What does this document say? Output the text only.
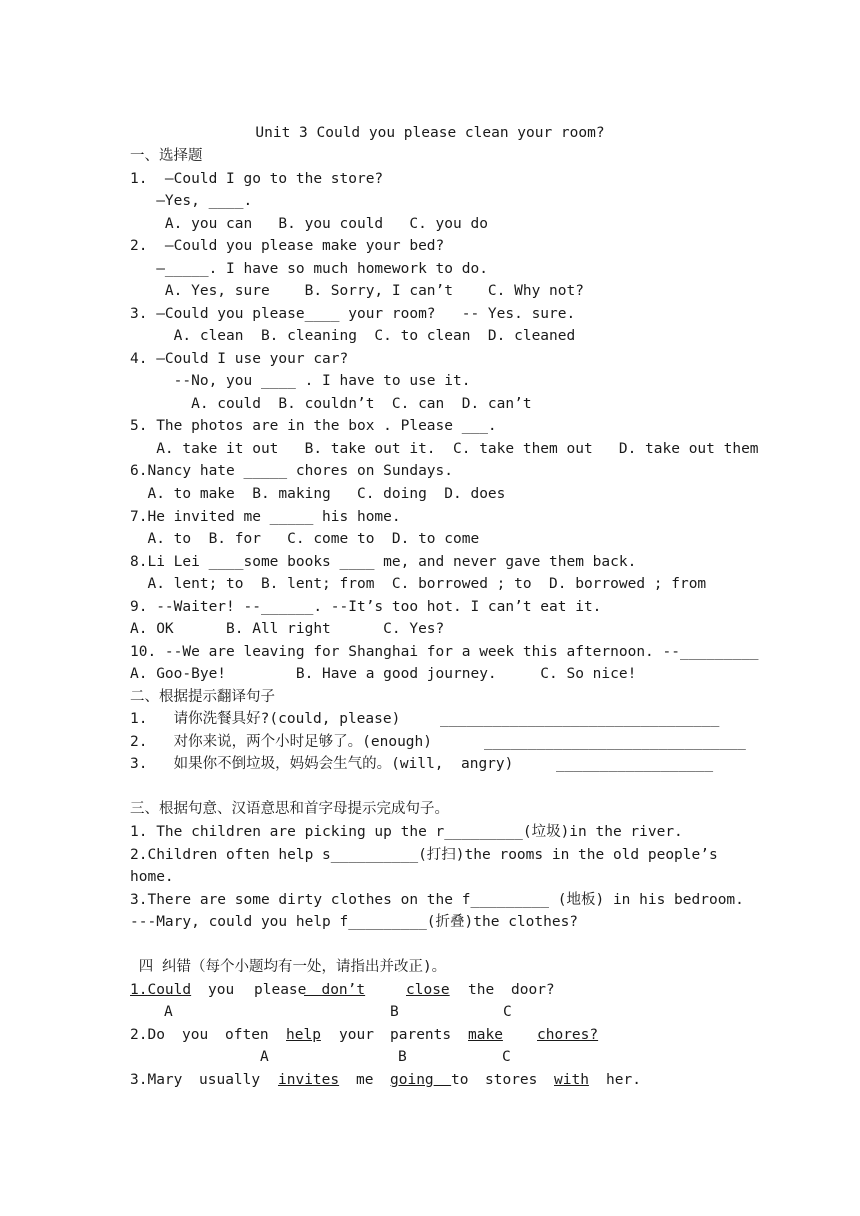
Unit 3 Could you please clean your room?
一、选择题
1.  —Could I go to the store?
—Yes, ____.
A. you can   B. you could   C. you do
2.  —Could you please make your bed?
—_____. I have so much homework to do.
A. Yes, sure    B. Sorry, I can’t    C. Why not?
3. –Could you please____ your room?   -- Yes. sure.
A. clean  B. cleaning  C. to clean  D. cleaned
4. –Could I use your car?
--No, you ____ . I have to use it.
A. could  B. couldn’t  C. can  D. can’t
5. The photos are in the box . Please ___.
A. take it out   B. take out it.  C. take them out   D. take out them
6.Nancy hate _____ chores on Sundays.
A. to make  B. making   C. doing  D. does
7.He invited me _____ his home.
A. to  B. for   C. come to  D. to come
8.Li Lei ____some books ____ me, and never gave them back.
A. lent; to  B. lent; from  C. borrowed ; to  D. borrowed ; from
9. --Waiter! --______. --It’s too hot. I can’t eat it.
A. OK      B. All right      C. Yes?
10. --We are leaving for Shanghai for a week this afternoon. --_________
A. Goo-Bye!        B. Have a good journey.     C. So nice!
二、根据提示翻译句子
1.   请你洗餐具好?(could, please)	________________________________
2.   对你来说，两个小时足够了。(enough)	______________________________
3.   如果你不倒垃圾，妈妈会生气的。(will,  angry)	__________________
三、根据句意、汉语意思和首字母提示完成句子。
1. The children are picking up the r_________(垃圾)in the river.
2.Children often help s__________(打扫)the rooms in the old people’s
home.
3.There are some dirty clothes on the f_________ (地板) in his bedroom.
---Mary, could you help f_________(折叠)the clothes?
四 纠错（每个小题均有一处，请指出并改正)。
1.Could you please	don’t	close the door?
A	B	C
2.Do you often help your parents make chores?
A	B	C
3.Mary usually invites me going	to stores with her.
